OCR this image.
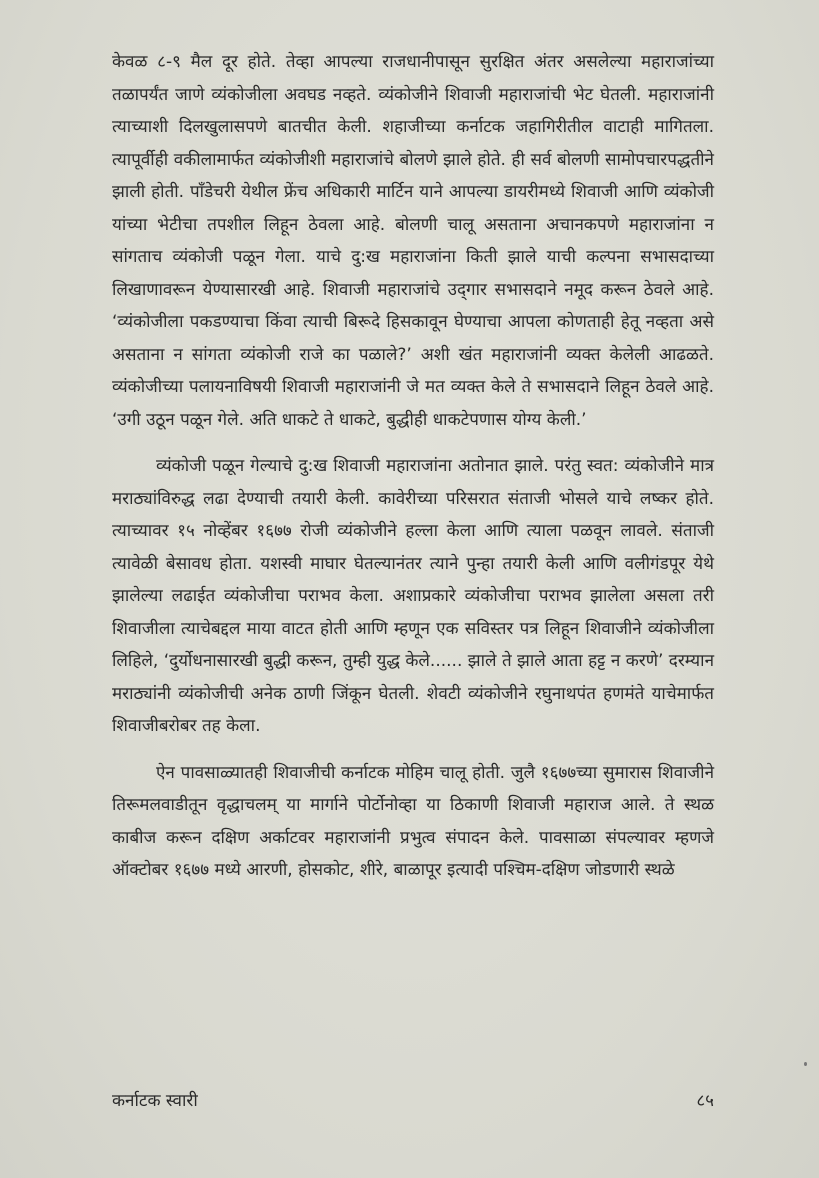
केवळ ८-९ मैल दूर होते. तेव्हा आपल्या राजधानीपासून सुरक्षित अंतर असलेल्या महाराजांच्या तळापर्यंत जाणे व्यंकोजीला अवघड नव्हते. व्यंकोजीने शिवाजी महाराजांची भेट घेतली. महाराजांनी त्याच्याशी दिलखुलासपणे बातचीत केली. शहाजीच्या कर्नाटक जहागिरीतील वाटाही मागितला. त्यापूर्वीही वकीलामार्फत व्यंकोजीशी महाराजांचे बोलणे झाले होते. ही सर्व बोलणी सामोपचारपद्धतीने झाली होती. पाँडेचरी येथील फ्रेंच अधिकारी मार्टिन याने आपल्या डायरीमध्ये शिवाजी आणि व्यंकोजी यांच्या भेटीचा तपशील लिहून ठेवला आहे. बोलणी चालू असताना अचानकपणे महाराजांना न सांगताच व्यंकोजी पळून गेला. याचे दु:ख महाराजांना किती झाले याची कल्पना सभासदाच्या लिखाणावरून येण्यासारखी आहे. शिवाजी महाराजांचे उद्‌गार सभासदाने नमूद करून ठेवले आहे. ‘व्यंकोजीला पकडण्याचा किंवा त्याची बिरूदे हिसकावून घेण्याचा आपला कोणताही हेतू नव्हता असे असताना न सांगता व्यंकोजी राजे का पळाले?’ अशी खंत महाराजांनी व्यक्त केलेली आढळते. व्यंकोजीच्या पलायनाविषयी शिवाजी महाराजांनी जे मत व्यक्त केले ते सभासदाने लिहून ठेवले आहे. ‘उगी उठून पळून गेले. अति धाकटे ते धाकटे, बुद्धीही धाकटेपणास योग्य केली.’

व्यंकोजी पळून गेल्याचे दु:ख शिवाजी महाराजांना अतोनात झाले. परंतु स्वत: व्यंकोजीने मात्र मराठ्यांविरुद्ध लढा देण्याची तयारी केली. कावेरीच्या परिसरात संताजी भोसले याचे लष्कर होते. त्याच्यावर १५ नोव्हेंबर १६७७ रोजी व्यंकोजीने हल्ला केला आणि त्याला पळवून लावले. संताजी त्यावेळी बेसावध होता. यशस्वी माघार घेतल्यानंतर त्याने पुन्हा तयारी केली आणि वलीगंडपूर येथे झालेल्या लढाईत व्यंकोजीचा पराभव केला. अशाप्रकारे व्यंकोजीचा पराभव झालेला असला तरी शिवाजीला त्याचेबद्दल माया वाटत होती आणि म्हणून एक सविस्तर पत्र लिहून शिवाजीने व्यंकोजीला लिहिले, ‘दुर्योधनासारखी बुद्धी करून, तुम्ही युद्ध केले...... झाले ते झाले आता हट्ट न करणे’ दरम्यान मराठ्यांनी व्यंकोजीची अनेक ठाणी जिंकून घेतली. शेवटी व्यंकोजीने रघुनाथपंत हणमंते याचेमार्फत शिवाजीबरोबर तह केला.

ऐन पावसाळ्यातही शिवाजीची कर्नाटक मोहिम चालू होती. जुलै १६७७च्या सुमारास शिवाजीने तिरूमलवाडीतून वृद्धाचलम् या मार्गाने पोर्टोनोव्हा या ठिकाणी शिवाजी महाराज आले. ते स्थळ काबीज करून दक्षिण अर्काटवर महाराजांनी प्रभुत्व संपादन केले. पावसाळा संपल्यावर म्हणजे ऑक्टोबर १६७७ मध्ये आरणी, होसकोट, शीरे, बाळापूर इत्यादी पश्चिम-दक्षिण जोडणारी स्थळे

कर्नाटक स्वारी	८५
